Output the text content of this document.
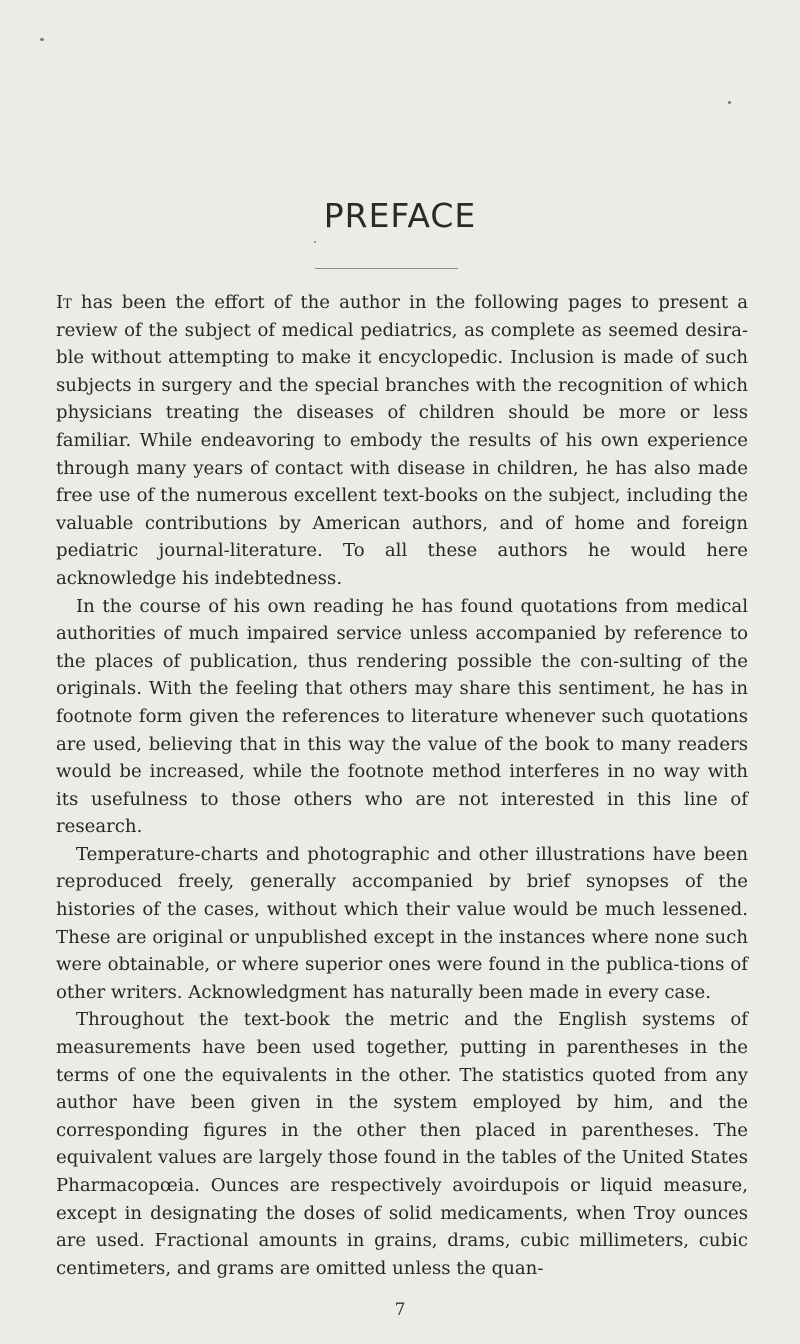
PREFACE

It has been the effort of the author in the following pages to present a review of the subject of medical pediatrics, as complete as seemed desira-ble without attempting to make it encyclopedic. Inclusion is made of such subjects in surgery and the special branches with the recognition of which physicians treating the diseases of children should be more or less familiar. While endeavoring to embody the results of his own experience through many years of contact with disease in children, he has also made free use of the numerous excellent text-books on the subject, including the valuable contributions by American authors, and of home and foreign pediatric journal-literature. To all these authors he would here acknowledge his indebtedness.

In the course of his own reading he has found quotations from medical authorities of much impaired service unless accompanied by reference to the places of publication, thus rendering possible the con-sulting of the originals. With the feeling that others may share this sentiment, he has in footnote form given the references to literature whenever such quotations are used, believing that in this way the value of the book to many readers would be increased, while the footnote method interferes in no way with its usefulness to those others who are not interested in this line of research.

Temperature-charts and photographic and other illustrations have been reproduced freely, generally accompanied by brief synopses of the histories of the cases, without which their value would be much lessened. These are original or unpublished except in the instances where none such were obtainable, or where superior ones were found in the publica-tions of other writers. Acknowledgment has naturally been made in every case.

Throughout the text-book the metric and the English systems of measurements have been used together, putting in parentheses in the terms of one the equivalents in the other. The statistics quoted from any author have been given in the system employed by him, and the corresponding figures in the other then placed in parentheses. The equivalent values are largely those found in the tables of the United States Pharmacopœia. Ounces are respectively avoirdupois or liquid measure, except in designating the doses of solid medicaments, when Troy ounces are used. Fractional amounts in grains, drams, cubic millimeters, cubic centimeters, and grams are omitted unless the quan-

7
